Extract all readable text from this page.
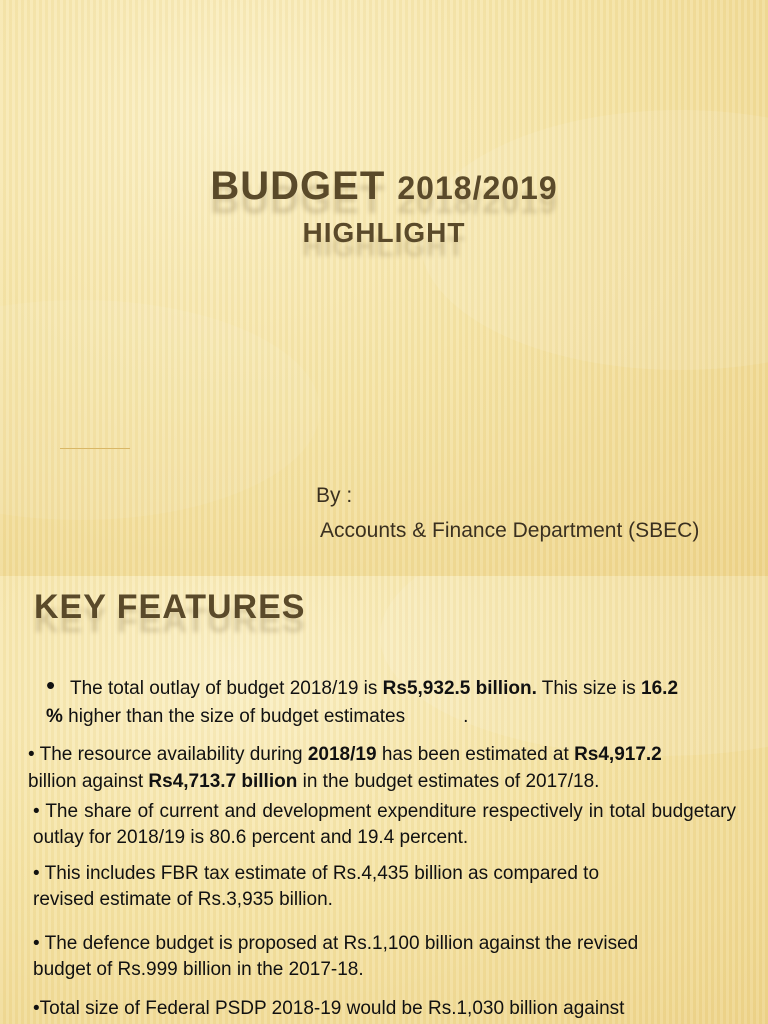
BUDGET 2018/2019
HIGHLIGHT
By :
Accounts & Finance Department (SBEC)
KEY FEATURES
• The total outlay of budget 2018/19 is Rs5,932.5 billion. This size is 16.2
% higher than the size of budget estimates	.
• The resource availability during 2018/19 has been estimated at Rs4,917.2
billion against Rs4,713.7 billion in the budget estimates of 2017/18.
• The share of current and development expenditure respectively in total budgetary outlay for 2018/19 is 80.6 percent and 19.4 percent.
• This includes FBR tax estimate of Rs.4,435 billion as compared to
revised estimate of Rs.3,935 billion.
• The defence budget is proposed at Rs.1,100 billion against the revised
budget of Rs.999 billion in the 2017-18.
•Total size of Federal PSDP 2018-19 would be Rs.1,030 billion against
